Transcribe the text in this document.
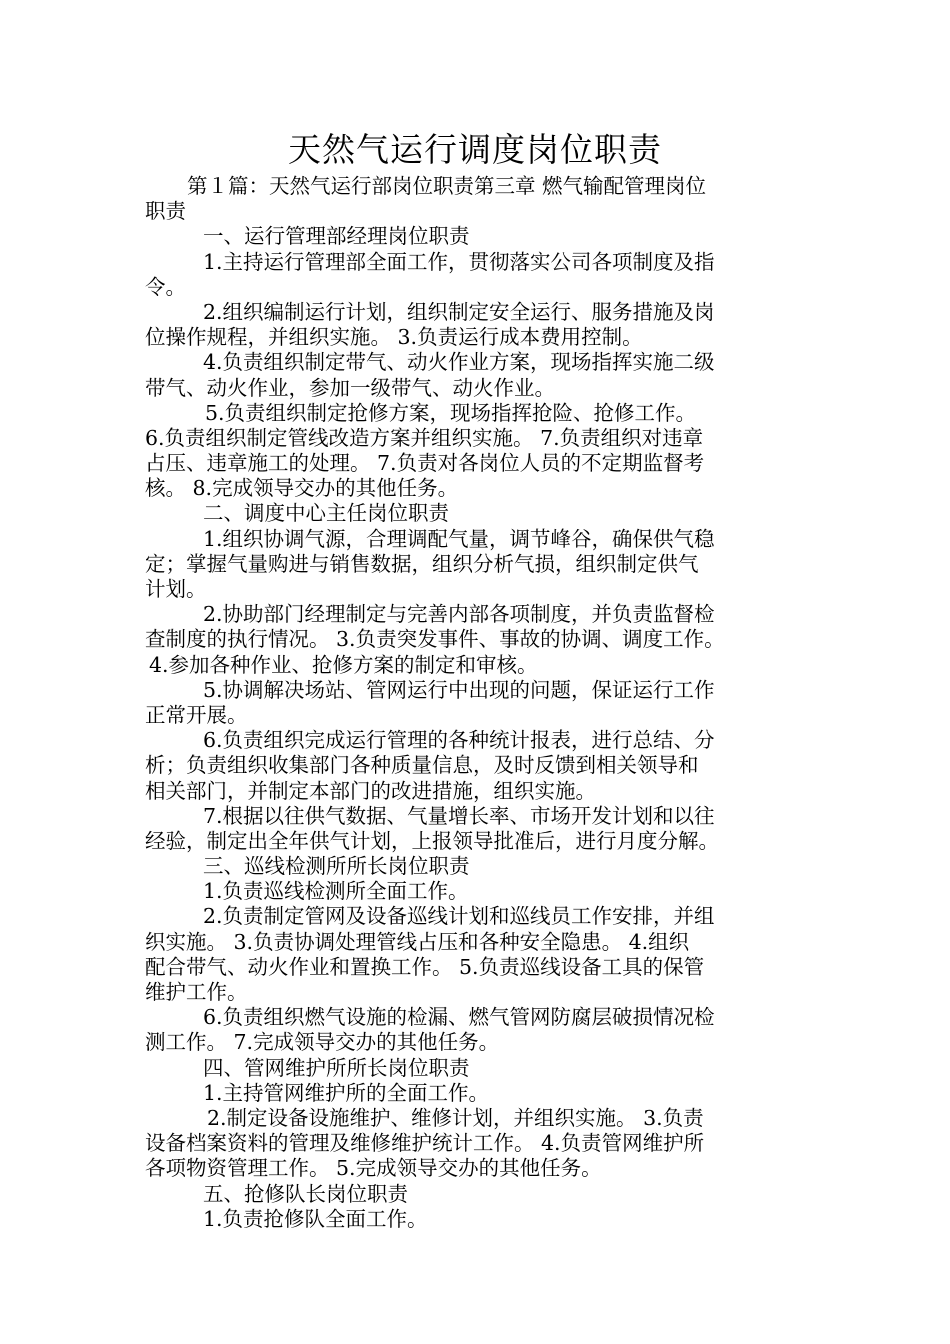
天然气运行调度岗位职责
第１篇：天然气运行部岗位职责第三章 燃气输配管理岗位
职责
一、运行管理部经理岗位职责
1.主持运行管理部全面工作，贯彻落实公司各项制度及指
令。
2.组织编制运行计划，组织制定安全运行、服务措施及岗
位操作规程，并组织实施。 3.负责运行成本费用控制。
4.负责组织制定带气、动火作业方案，现场指挥实施二级
带气、动火作业，参加一级带气、动火作业。
5.负责组织制定抢修方案，现场指挥抢险、抢修工作。
6.负责组织制定管线改造方案并组织实施。 7.负责组织对违章
占压、违章施工的处理。 7.负责对各岗位人员的不定期监督考
核。 8.完成领导交办的其他任务。
二、调度中心主任岗位职责
1.组织协调气源，合理调配气量，调节峰谷，确保供气稳
定；掌握气量购进与销售数据，组织分析气损，组织制定供气
计划。
2.协助部门经理制定与完善内部各项制度，并负责监督检
查制度的执行情况。 3.负责突发事件、事故的协调、调度工作。
4.参加各种作业、抢修方案的制定和审核。
5.协调解决场站、管网运行中出现的问题，保证运行工作
正常开展。
6.负责组织完成运行管理的各种统计报表，进行总结、分
析；负责组织收集部门各种质量信息，及时反馈到相关领导和
相关部门，并制定本部门的改进措施，组织实施。
7.根据以往供气数据、气量增长率、市场开发计划和以往
经验，制定出全年供气计划，上报领导批准后，进行月度分解。
三、巡线检测所所长岗位职责
1.负责巡线检测所全面工作。
2.负责制定管网及设备巡线计划和巡线员工作安排，并组
织实施。 3.负责协调处理管线占压和各种安全隐患。 4.组织
配合带气、动火作业和置换工作。 5.负责巡线设备工具的保管
维护工作。
6.负责组织燃气设施的检漏、燃气管网防腐层破损情况检
测工作。 7.完成领导交办的其他任务。
四、管网维护所所长岗位职责
1.主持管网维护所的全面工作。
2.制定设备设施维护、维修计划，并组织实施。 3.负责
设备档案资料的管理及维修维护统计工作。 4.负责管网维护所
各项物资管理工作。 5.完成领导交办的其他任务。
五、抢修队长岗位职责
1.负责抢修队全面工作。
